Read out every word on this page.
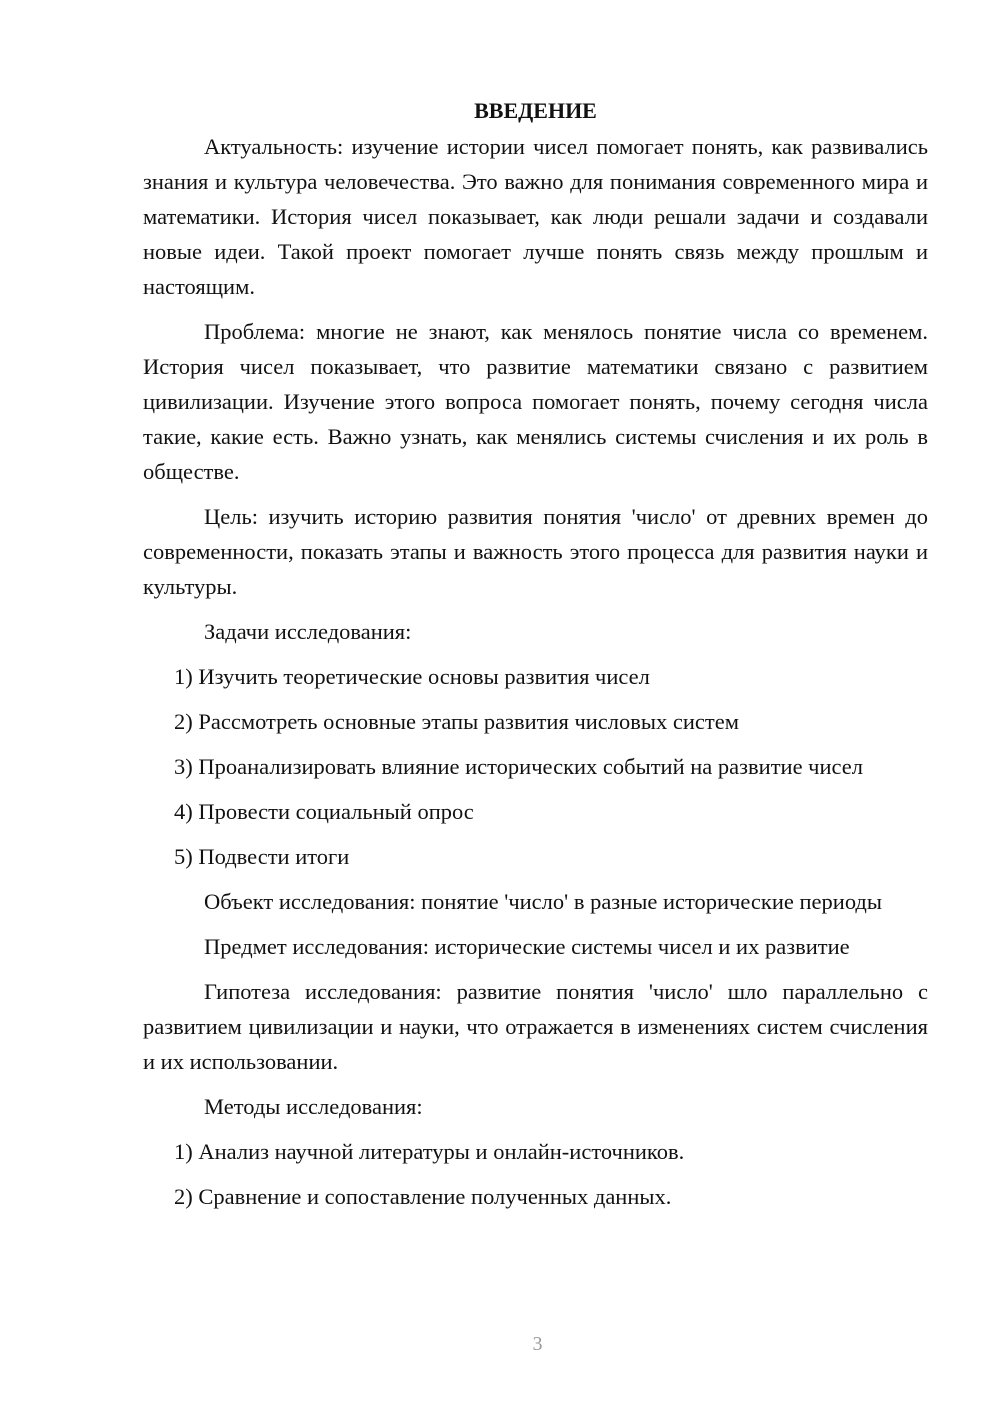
ВВЕДЕНИЕ

Актуальность: изучение истории чисел помогает понять, как развивались знания и культура человечества. Это важно для понимания современного мира и математики. История чисел показывает, как люди решали задачи и создавали новые идеи. Такой проект помогает лучше понять связь между прошлым и настоящим.

Проблема: многие не знают, как менялось понятие числа со временем. История чисел показывает, что развитие математики связано с развитием цивилизации. Изучение этого вопроса помогает понять, почему сегодня числа такие, какие есть. Важно узнать, как менялись системы счисления и их роль в обществе.

Цель: изучить историю развития понятия 'число' от древних времен до современности, показать этапы и важность этого процесса для развития науки и культуры.

Задачи исследования:

1) Изучить теоретические основы развития чисел

2) Рассмотреть основные этапы развития числовых систем

3) Проанализировать влияние исторических событий на развитие чисел

4) Провести социальный опрос

5) Подвести итоги

Объект исследования: понятие 'число' в разные исторические периоды

Предмет исследования: исторические системы чисел и их развитие

Гипотеза исследования: развитие понятия 'число' шло параллельно с развитием цивилизации и науки, что отражается в изменениях систем счисления и их использовании.

Методы исследования:

1) Анализ научной литературы и онлайн-источников.

2) Сравнение и сопоставление полученных данных.

3
